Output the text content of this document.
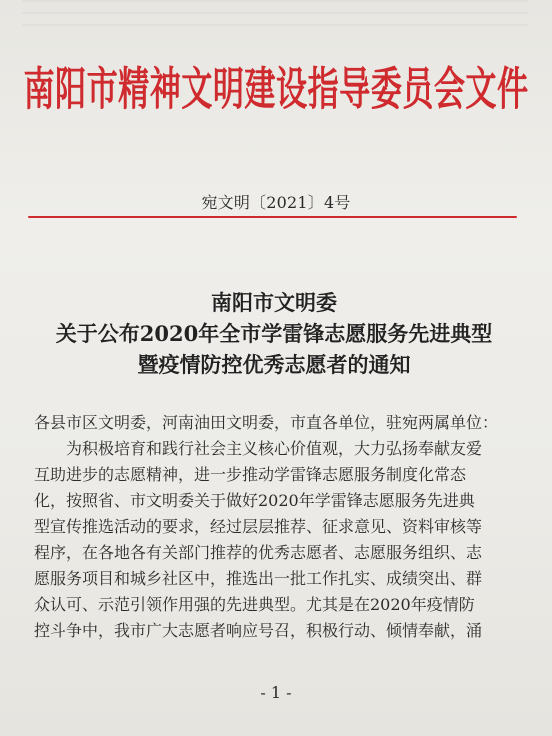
南阳市精神文明建设指导委员会文件
宛文明〔2021〕4号
南阳市文明委
关于公布2020年全市学雷锋志愿服务先进典型
暨疫情防控优秀志愿者的通知
各县市区文明委，河南油田文明委，市直各单位，驻宛两属单位：
为积极培育和践行社会主义核心价值观，大力弘扬奉献友爱
互助进步的志愿精神，进一步推动学雷锋志愿服务制度化常态
化，按照省、市文明委关于做好2020年学雷锋志愿服务先进典
型宣传推选活动的要求，经过层层推荐、征求意见、资料审核等
程序，在各地各有关部门推荐的优秀志愿者、志愿服务组织、志
愿服务项目和城乡社区中，推选出一批工作扎实、成绩突出、群
众认可、示范引领作用强的先进典型。尤其是在2020年疫情防
控斗争中，我市广大志愿者响应号召，积极行动、倾情奉献，涌
- 1 -
